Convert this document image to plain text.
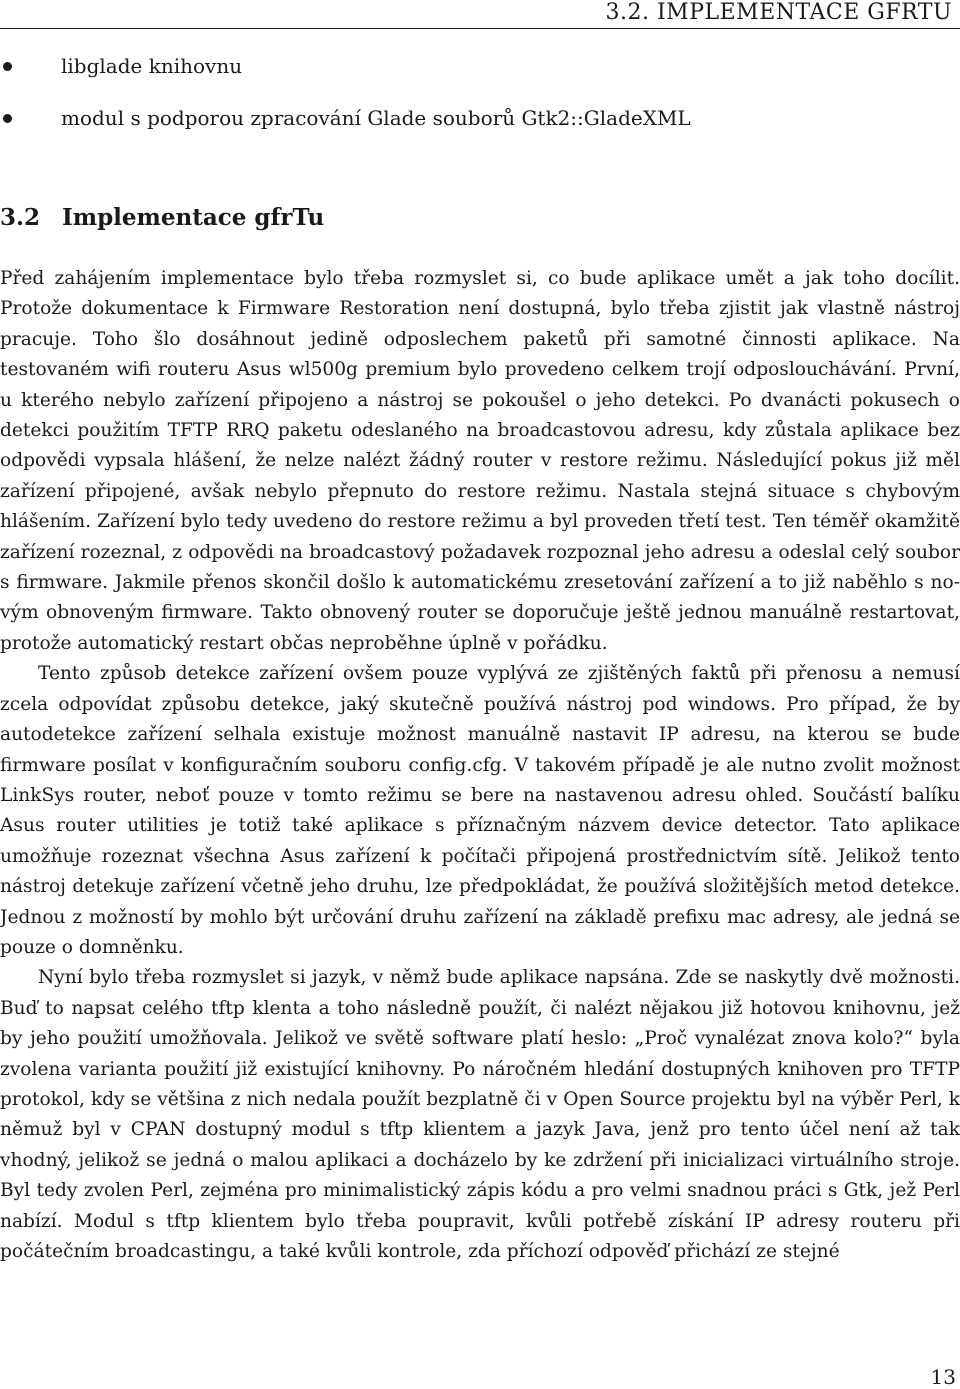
3.2. IMPLEMENTACE GFRTU
libglade knihovnu
modul s podporou zpracování Glade souborů Gtk2::GladeXML
3.2 Implementace gfrTu

Před zahájením implementace bylo třeba rozmyslet si, co bude aplikace umět a jak toho docílit. Protože dokumentace k Firmware Restoration není dostupná, bylo třeba zjistit jak vlastně nástroj pracuje. Toho šlo dosáhnout jedině odposlechem paketů při samotné činnosti aplikace. Na testovaném wifi routeru Asus wl500g premium bylo provedeno celkem trojí odposlouchávání. První, u kterého nebylo zařízení připojeno a nástroj se pokoušel o jeho detekci. Po dvanácti pokusech o detekci použitím TFTP RRQ paketu odeslaného na broadcastovou adresu, kdy zůstala aplikace bez odpovědi vypsala hlášení, že nelze nalézt žádný router v restore režimu. Následující pokus již měl zařízení připojené, avšak nebylo přepnuto do restore režimu. Nastala stejná situace s chybovým hlášením. Zařízení bylo tedy uvedeno do restore režimu a byl proveden třetí test. Ten téměř okamžitě zařízení rozeznal, z odpovědi na broadcastový požadavek rozpoznal jeho adresu a odeslal celý soubor s firmware. Jakmile přenos skončil došlo k automatickému zresetování zařízení a to již naběhlo s novým obnoveným firmware. Takto obnovený router se doporučuje ještě jednou manuálně restartovat, protože automatický restart občas neproběhne úplně v pořádku.

Tento způsob detekce zařízení ovšem pouze vyplývá ze zjištěných faktů při přenosu a nemusí zcela odpovídat způsobu detekce, jaký skutečně používá nástroj pod windows. Pro případ, že by autodetekce zařízení selhala existuje možnost manuálně nastavit IP adresu, na kterou se bude firmware posílat v konfiguračním souboru config.cfg. V takovém případě je ale nutno zvolit možnost LinkSys router, neboť pouze v tomto režimu se bere na nastavenou adresu ohled. Součástí balíku Asus router utilities je totiž také aplikace s příznačným názvem device detector. Tato aplikace umožňuje rozeznat všechna Asus zařízení k počítači připojená prostřednictvím sítě. Jelikož tento nástroj detekuje zařízení včetně jeho druhu, lze předpokládat, že používá složitějších metod detekce. Jednou z možností by mohlo být určování druhu zařízení na základě prefixu mac adresy, ale jedná se pouze o domněnku.

Nyní bylo třeba rozmyslet si jazyk, v němž bude aplikace napsána. Zde se naskytly dvě možnosti. Buď to napsat celého tftp klenta a toho následně použít, či nalézt nějakou již hotovou knihovnu, jež by jeho použití umožňovala. Jelikož ve světě software platí heslo: „Proč vynalézat znova kolo?“ byla zvolena varianta použití již existující knihovny. Po náročném hledání dostupných knihoven pro TFTP protokol, kdy se většina z nich nedala použít bezplatně či v Open Source projektu byl na výběr Perl, k němuž byl v CPAN dostupný modul s tftp klientem a jazyk Java, jenž pro tento účel není až tak vhodný, jelikož se jedná o malou aplikaci a docházelo by ke zdržení při inicializaci virtuálního stroje. Byl tedy zvolen Perl, zejména pro minimalistický zápis kódu a pro velmi snadnou práci s Gtk, jež Perl nabízí. Modul s tftp klientem bylo třeba poupravit, kvůli potřebě získání IP adresy routeru při počátečním broadcastingu, a také kvůli kontrole, zda příchozí odpověď přichází ze stejné

13
